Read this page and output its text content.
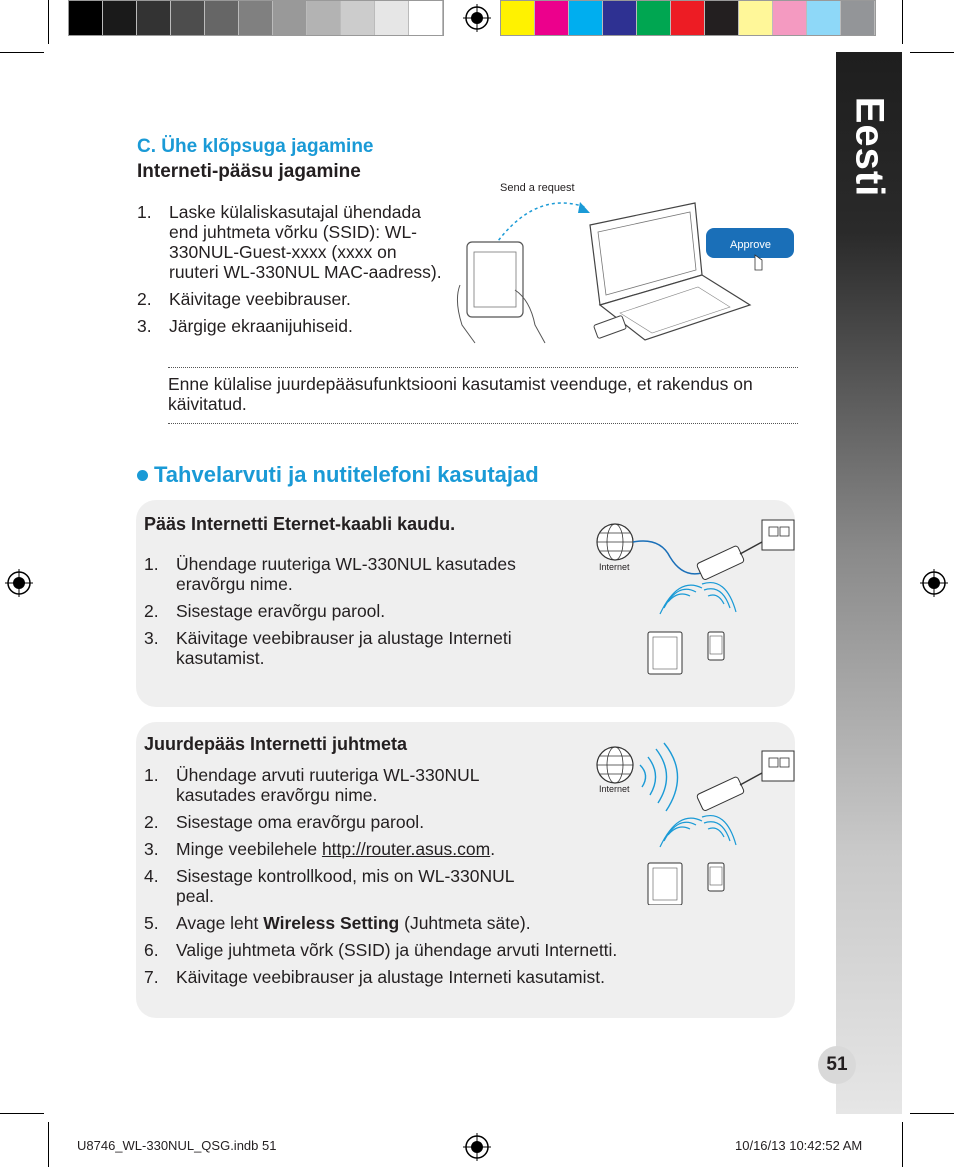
Eesti
51
C. Ühe klõpsuga jagamine
Interneti-pääsu jagamine
1. Laske külaliskasutajal ühendada end juhtmeta võrku (SSID): WL-330NUL-Guest-xxxx (xxxx on ruuteri WL-330NUL MAC-aadress).
2. Käivitage veebibrauser.
3. Järgige ekraanijuhiseid.
Send a request
Approve
Enne külalise juurdepääsufunktsiooni kasutamist veenduge, et rakendus on käivitatud.
Tahvelarvuti ja nutitelefoni kasutajad
Pääs Internetti Eternet-kaabli kaudu.
1. Ühendage ruuteriga WL-330NUL kasutades eravõrgu nime.
2. Sisestage eravõrgu parool.
3. Käivitage veebibrauser ja alustage Interneti kasutamist.
Internet
Juurdepääs Internetti juhtmeta
1. Ühendage arvuti ruuteriga WL-330NUL kasutades eravõrgu nime.
2. Sisestage oma eravõrgu parool.
3. Minge veebilehele http://router.asus.com.
4. Sisestage kontrollkood, mis on WL-330NUL peal.
5. Avage leht Wireless Setting (Juhtmeta säte).
6. Valige juhtmeta võrk (SSID) ja ühendage arvuti Internetti.
7. Käivitage veebibrauser ja alustage Interneti kasutamist.
Internet
U8746_WL-330NUL_QSG.indb 51	10/16/13 10:42:52 AM
